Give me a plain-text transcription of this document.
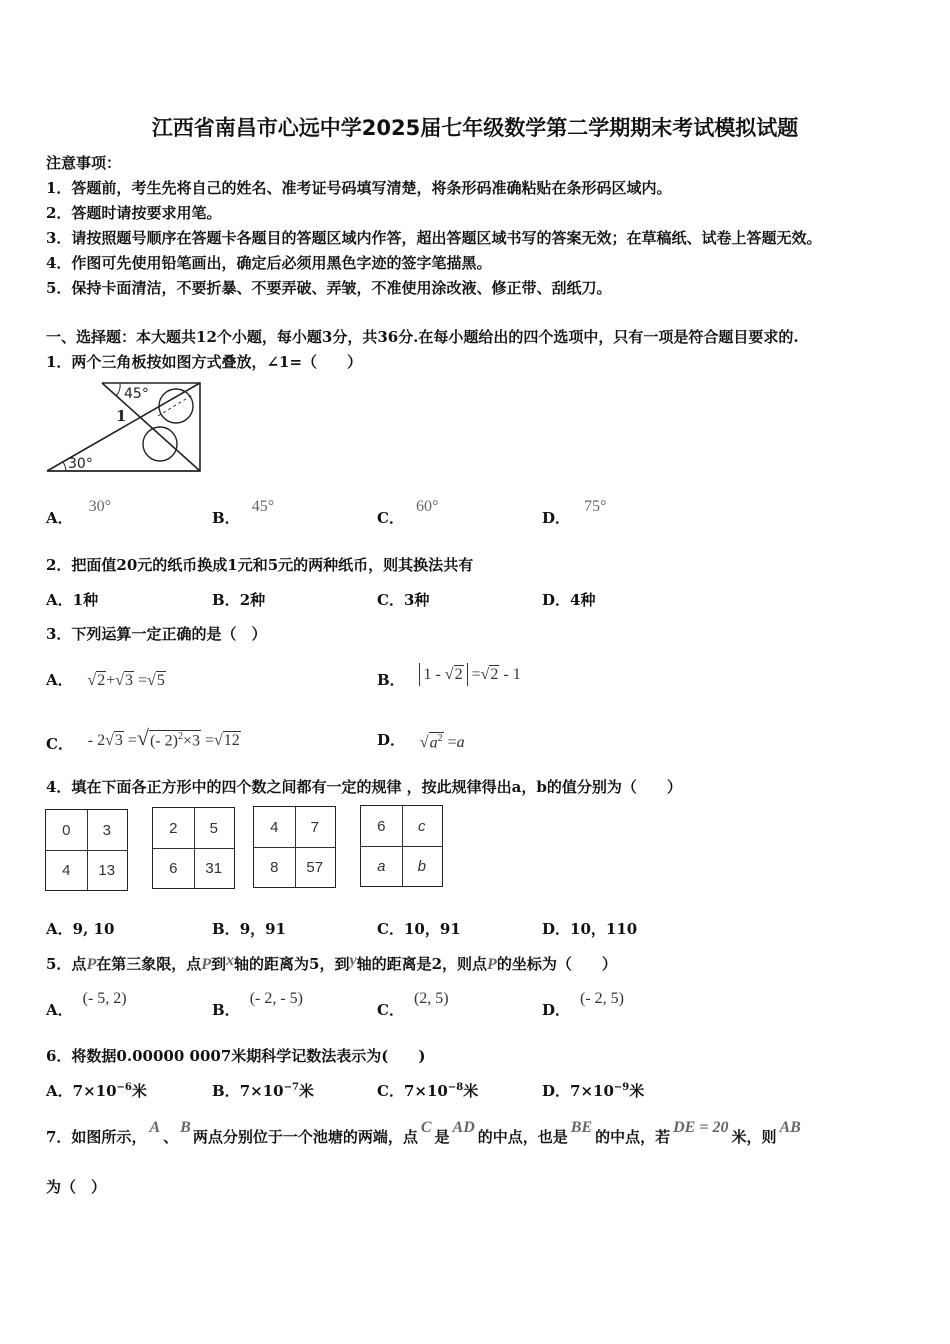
江西省南昌市心远中学2025届七年级数学第二学期期末考试模拟试题
注意事项：
1．答题前，考生先将自己的姓名、准考证号码填写清楚，将条形码准确粘贴在条形码区域内。
2．答题时请按要求用笔。
3．请按照题号顺序在答题卡各题目的答题区域内作答，超出答题区域书写的答案无效；在草稿纸、试卷上答题无效。
4．作图可先使用铅笔画出，确定后必须用黑色字迹的签字笔描黑。
5．保持卡面清洁，不要折暴、不要弄破、弄皱，不准使用涂改液、修正带、刮纸刀。
一、选择题：本大题共12个小题，每小题3分，共36分.在每小题给出的四个选项中，只有一项是符合题目要求的.
1．两个三角板按如图方式叠放，∠1=（　　）
45°
30°
1
A．30°
B．45°
C．60°
D．75°
2．把面值20元的纸币换成1元和5元的两种纸币，则其换法共有
A．1种	B．2种	C．3种	D．4种
3．下列运算一定正确的是（　）
A． √2+√3 =√5	B． 1 - √2 =√2 - 1
C． - 2√3 =√(- 2)$^2$×3 =√12	D． $√a^2 =a$
4．填在下面各正方形中的四个数之间都有一定的规律 ，按此规律得出a，b的值分别为（　　）
0	3
4	13
2	5
6	31
4	7
8	57
6	c
a	b
A．9, 10	B．9，91	C．10，91	D．10，110
5．点P在第三象限，点P到x轴的距离为5，到y轴的距离是2，则点P的坐标为（　　）
A．(- 5, 2)
B．(- 2, - 5)
C．(2, 5)
D．(- 2, 5)
6．将数据0.00000 0007米期科学记数法表示为(　　)
A．$7\times 10^{-6}$米	B．$7\times 10^{-7}$米	C．$7\times 10^{-8}$米	D．$7\times 10^{-9}$米
7．如图所示，A、B两点分别位于一个池塘的两端，点C是AD的中点，也是BE的中点，若DE = 20米，则AB
为（　）
